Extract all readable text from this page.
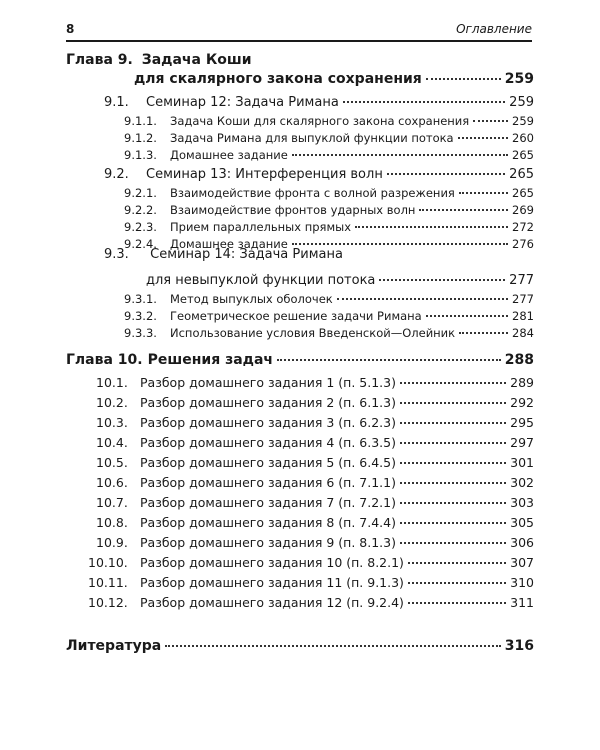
8	Оглавление
Глава 9. Задача Коши
для скалярного закона сохранения	259
9.1.	Семинар 12: Задача Римана	259
9.1.1.	Задача Коши для скалярного закона сохранения	259
9.1.2.	Задача Римана для выпуклой функции потока	260
9.1.3.	Домашнее задание	265
9.2.	Семинар 13: Интерференция волн	265
9.2.1.	Взаимодействие фронта с волной разрежения	265
9.2.2.	Взаимодействие фронтов ударных волн	269
9.2.3.	Прием параллельных прямых	272
9.2.4.	Домашнее задание	276
9.3. Семинар 14: Задача Римана
для невыпуклой функции потока	277
9.3.1.	Метод выпуклых оболочек	277
9.3.2.	Геометрическое решение задачи Римана	281
9.3.3.	Использование условия Введенской—Олейник	284
Глава 10. Решения задач	288
10.1. Разбор домашнего задания 1 (п. 5.1.3)	289
10.2. Разбор домашнего задания 2 (п. 6.1.3)	292
10.3. Разбор домашнего задания 3 (п. 6.2.3)	295
10.4. Разбор домашнего задания 4 (п. 6.3.5)	297
10.5. Разбор домашнего задания 5 (п. 6.4.5)	301
10.6. Разбор домашнего задания 6 (п. 7.1.1)	302
10.7. Разбор домашнего задания 7 (п. 7.2.1)	303
10.8. Разбор домашнего задания 8 (п. 7.4.4)	305
10.9. Разбор домашнего задания 9 (п. 8.1.3)	306
10.10. Разбор домашнего задания 10 (п. 8.2.1)	307
10.11. Разбор домашнего задания 11 (п. 9.1.3)	310
10.12. Разбор домашнего задания 12 (п. 9.2.4)	311
Литература	316
